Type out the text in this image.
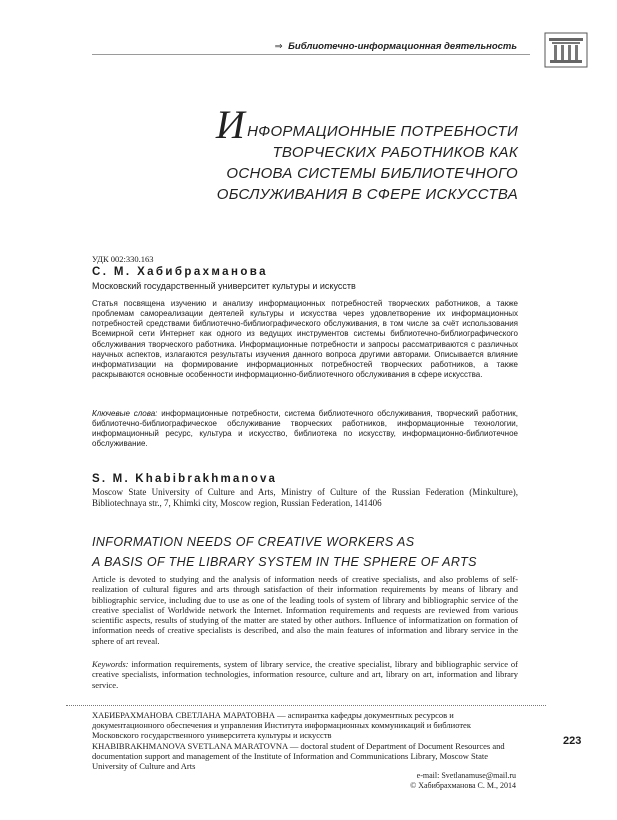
⇒ Библиотечно-информационная деятельность
ИНФОРМАЦИОННЫЕ ПОТРЕБНОСТИ
ТВОРЧЕСКИХ РАБОТНИКОВ КАК
ОСНОВА СИСТЕМЫ БИБЛИОТЕЧНОГО
ОБСЛУЖИВАНИЯ В СФЕРЕ ИСКУССТВА
УДК 002:330.163
С. М. Хабибрахманова
Московский государственный университет культуры и искусств

Статья посвящена изучению и анализу информационных потребностей творческих работников, а также проблемам самореализации деятелей культуры и искусства через удовлетворение их информационных потребностей средствами библиотечно-библиографического обслуживания, в том числе за счёт использования Всемирной сети Интернет как одного из ведущих инструментов системы библиотечно-библиографического обслуживания творческого работника. Информационные потребности и запросы рассматриваются с различных научных аспектов, излагаются результаты изучения данного вопроса другими авторами. Описывается влияние информатизации на формирование информационных потребностей творческих работников, а также раскрываются основные особенности информационно-библиотечного обслуживания в сфере искусства.

Ключевые слова: информационные потребности, система библиотечного обслуживания, творческий работник, библиотечно-библиографическое обслуживание творческих работников, информационные технологии, информационный ресурс, культура и искусство, библиотека по искусству, информационно-библиотечное обслуживание.

S. M. Khabibrakhmanova

Moscow State University of Culture and Arts, Ministry of Culture of the Russian Federation (Minkulture), Bibliotechnaya str., 7, Khimki city, Moscow region, Russian Federation, 141406

INFORMATION NEEDS OF CREATIVE WORKERS AS
A BASIS OF THE LIBRARY SYSTEM IN THE SPHERE OF ARTS

Article is devoted to studying and the analysis of information needs of creative specialists, and also problems of self-realization of cultural figures and arts through satisfaction of their information requirements by means of library and bibliographic service, including due to use as one of the leading tools of system of library and bibliographic service of the creative specialist of Worldwide network the Internet. Information requirements and requests are reviewed from various scientific aspects, results of studying of the matter are stated by other authors. Influence of informatization on formation of information needs of creative specialists is described, and also the main features of information and library service in the sphere of art reveal.

Keywords: information requirements, system of library service, the creative specialist, library and bibliographic service of creative specialists, information technologies, information resource, culture and art, library on art, information and library service.

ХАБИБРАХМАНОВА СВЕТЛАНА МАРАТОВНА — аспирантка кафедры документных ресурсов и документационного обеспечения и управления Института информационных коммуникаций и библиотек Московского государственного университета культуры и искусств
KHABIBRAKHMANOVA SVETLANA MARATOVNA — doctoral student of Department of Document Resources and documentation support and management of the Institute of Information and Communications Library, Moscow State University of Culture and Arts
223
e-mail: Svetlanamuse@mail.ru
© Хабибрахманова С. М., 2014
